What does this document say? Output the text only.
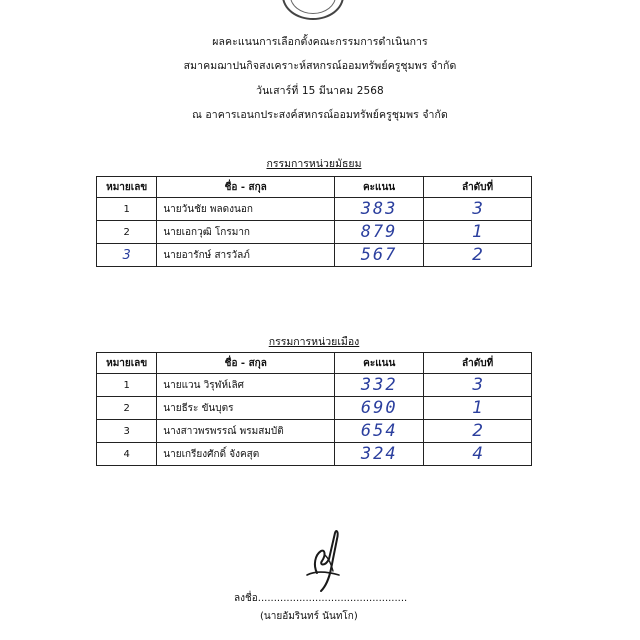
ผลคะแนนการเลือกตั้งคณะกรรมการดำเนินการ
สมาคมฌาปนกิจสงเคราะห์สหกรณ์ออมทรัพย์ครูชุมพร จำกัด
วันเสาร์ที่ 15 มีนาคม 2568
ณ อาคารเอนกประสงค์สหกรณ์ออมทรัพย์ครูชุมพร จำกัด
กรรมการหน่วยมัธยม
หมายเลข	ชื่อ - สกุล	คะแนน	ลำดับที่
1	นายวันชัย พลดงนอก	383	3
2	นายเอกวุฒิ โกรมาก	879	1
3	นายอารักษ์ สารวัลภ์	567	2
กรรมการหน่วยเมือง
หมายเลข	ชื่อ - สกุล	คะแนน	ลำดับที่
1	นายแวน วิรุฬห์เลิศ	332	3
2	นายธีระ ขันบุตร	690	1
3	นางสาวพรพรรณ์ พรมสมบัติ	654	2
4	นายเกรียงศักดิ์ จังคสุต	324	4
ลงชื่อ...............................................
(นายอัมรินทร์ นันทโก)
